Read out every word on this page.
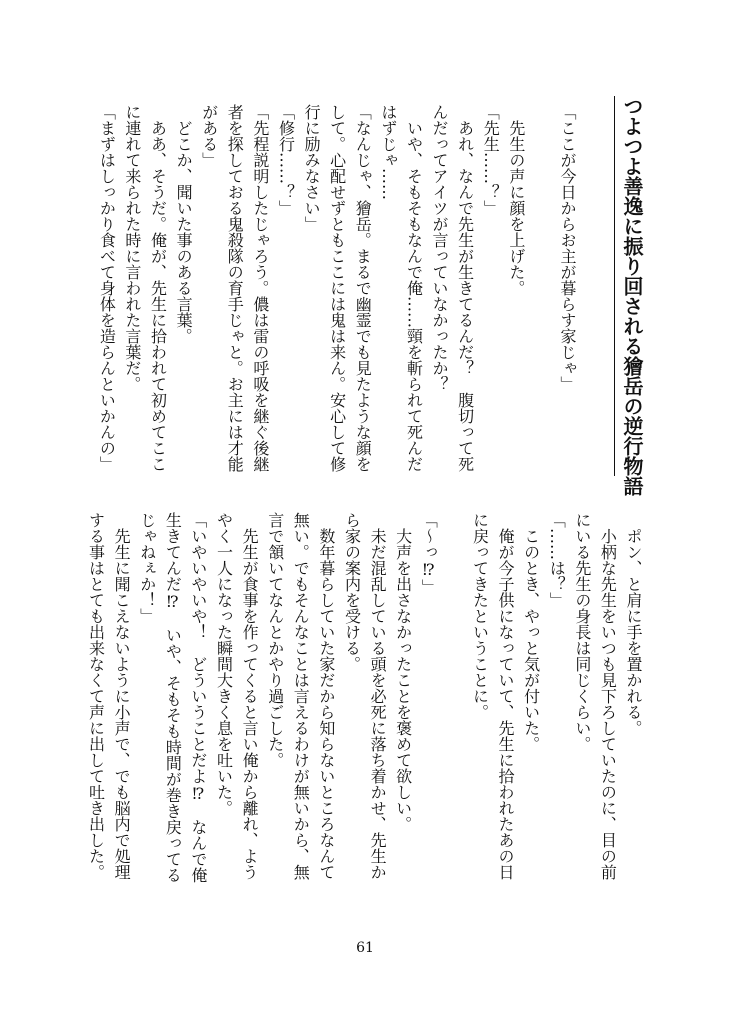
つよつよ善逸に振り回される獪岳の逆行物語
「ここが今日からお主が暮らす家じゃ」

　先生の声に顔を上げた。
「先生……？」
　あれ、なんで先生が生きてるんだ？　腹切って死
んだってアイツが言っていなかったか？
　いや、そもそもなんで俺……頸を斬られて死んだ
はずじゃ……
「なんじゃ、獪岳。まるで幽霊でも見たような顔を
して。心配せずともここには鬼は来ん。安心して修
行に励みなさい」
「修行……？」
「先程説明したじゃろう。儂は雷の呼吸を継ぐ後継
者を探しておる鬼殺隊の育手じゃと。お主には才能
がある」
　どこか、聞いた事のある言葉。
　ああ、そうだ。俺が、先生に拾われて初めてここ
に連れて来られた時に言われた言葉だ。
「まずはしっかり食べて身体を造らんといかんの」
　ポン、と肩に手を置かれる。
　小柄な先生をいつも見下ろしていたのに、目の前
にいる先生の身長は同じくらい。
「……は？」
　このとき、やっと気が付いた。
　俺が今子供になっていて、先生に拾われたあの日
に戻ってきたということに。

「〜っ⁉」
　大声を出さなかったことを褒めて欲しい。
　未だ混乱している頭を必死に落ち着かせ、先生か
ら家の案内を受ける。
　数年暮らしていた家だから知らないところなんて
無い。でもそんなことは言えるわけが無いから、無
言で頷いてなんとかやり過ごした。
　先生が食事を作ってくると言い俺から離れ、よう
やく一人になった瞬間大きく息を吐いた。
「いやいやいや！　どういうことだよ⁉　なんで俺
生きてんだ⁉　いや、そもそも時間が巻き戻ってる
じゃねぇか！」
　先生に聞こえないように小声で、でも脳内で処理
する事はとても出来なくて声に出して吐き出した。
61
